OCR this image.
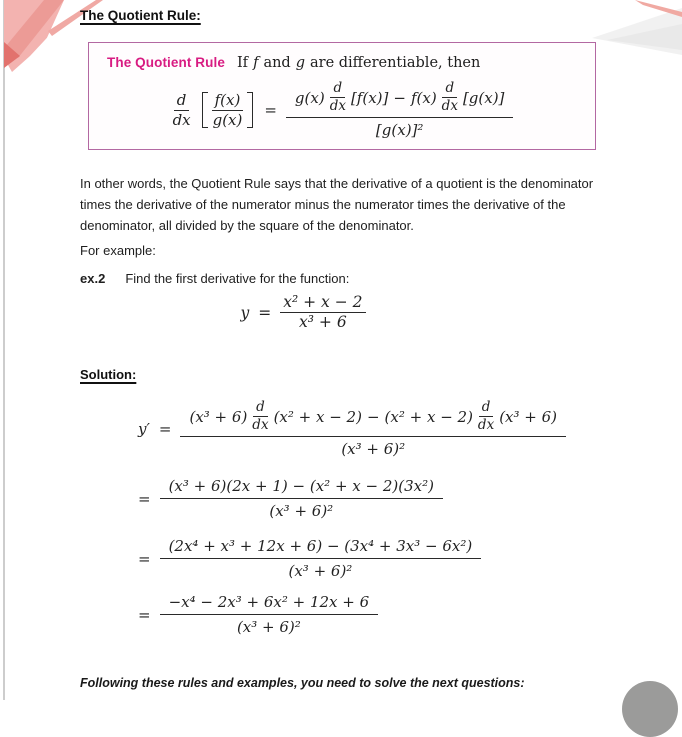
The Quotient Rule:
The Quotient Rule If f and g are differentiable, then
$\frac{d}{dx} \frac{f(x)}{g(x)}$ =
$g(x) \frac{d}{dx} [f(x)] - f(x) \frac{d}{dx} [g(x)]$
[g(x)]²

In other words, the Quotient Rule says that the derivative of a quotient is the denominator times the derivative of the numerator minus the numerator times the derivative of the denominator, all divided by the square of the denominator.

For example:
ex.2 Find the first derivative for the function:
$y = \frac{\text{x² + x − 2}}{\text{x³ + 6}}$
Solution:
y′ =
$(x^3 + 6) \frac{d}{dx} (x^2 + x - 2) - (x^2 + x - 2) \frac{d}{dx} (x^3 + 6)$
(x³ + 6)²
= $\frac{\text{(x³ + 6)(2x + 1) − (x² + x − 2)(3x²)}}{\text{(x³ + 6)²}}$
= $\frac{\text{(2x⁴ + x³ + 12x + 6) − (3x⁴ + 3x³ − 6x²)}}{\text{(x³ + 6)²}}$
= $\frac{\text{−x⁴ − 2x³ + 6x² + 12x + 6}}{\text{(x³ + 6)²}}$
Following these rules and examples, you need to solve the next questions:
